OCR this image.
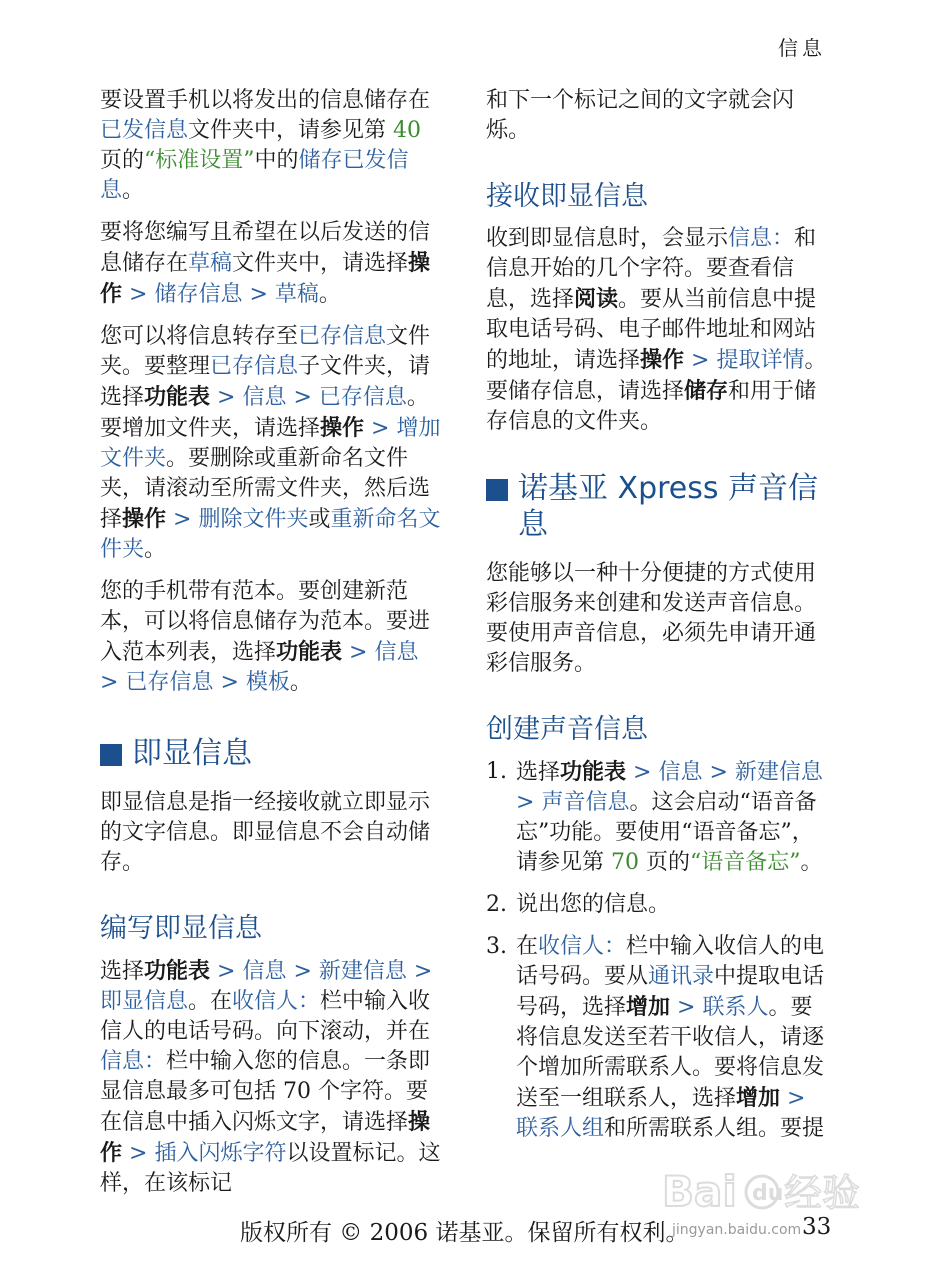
信息

要设置手机以将发出的信息储存在已发信息文件夹中，请参见第 40 页的“标准设置”中的储存已发信息。

要将您编写且希望在以后发送的信息储存在草稿文件夹中，请选择操作 > 储存信息 > 草稿。

您可以将信息转存至已存信息文件夹。要整理已存信息子文件夹，请选择功能表 > 信息 > 已存信息。要增加文件夹，请选择操作 > 增加文件夹。要删除或重新命名文件夹，请滚动至所需文件夹，然后选择操作 > 删除文件夹或重新命名文件夹。

您的手机带有范本。要创建新范本，可以将信息储存为范本。要进入范本列表，选择功能表 > 信息 > 已存信息 > 模板。

即显信息

即显信息是指一经接收就立即显示的文字信息。即显信息不会自动储存。

编写即显信息

选择功能表 > 信息 > 新建信息 > 即显信息。在收信人：栏中输入收信人的电话号码。向下滚动，并在信息：栏中输入您的信息。一条即显信息最多可包括 70 个字符。要在信息中插入闪烁文字，请选择操作 > 插入闪烁字符以设置标记。这样，在该标记

和下一个标记之间的文字就会闪烁。

接收即显信息

收到即显信息时，会显示信息：和信息开始的几个字符。要查看信息，选择阅读。要从当前信息中提取电话号码、电子邮件地址和网站的地址，请选择操作 > 提取详情。要储存信息，请选择储存和用于储存信息的文件夹。

诺基亚 Xpress 声音信息

您能够以一种十分便捷的方式使用彩信服务来创建和发送声音信息。要使用声音信息，必须先申请开通彩信服务。

创建声音信息
1. 选择功能表 > 信息 > 新建信息 > 声音信息。这会启动“语音备忘”功能。要使用“语音备忘”，请参见第 70 页的“语音备忘”。
2. 说出您的信息。
3. 在收信人：栏中输入收信人的电话号码。要从通讯录中提取电话号码，选择增加 > 联系人。要将信息发送至若干收信人，请逐个增加所需联系人。要将信息发送至一组联系人，选择增加 > 联系人组和所需联系人组。要提
Bai du 经验
jingyan.baidu.com
版权所有 © 2006 诺基亚。保留所有权利。	33
